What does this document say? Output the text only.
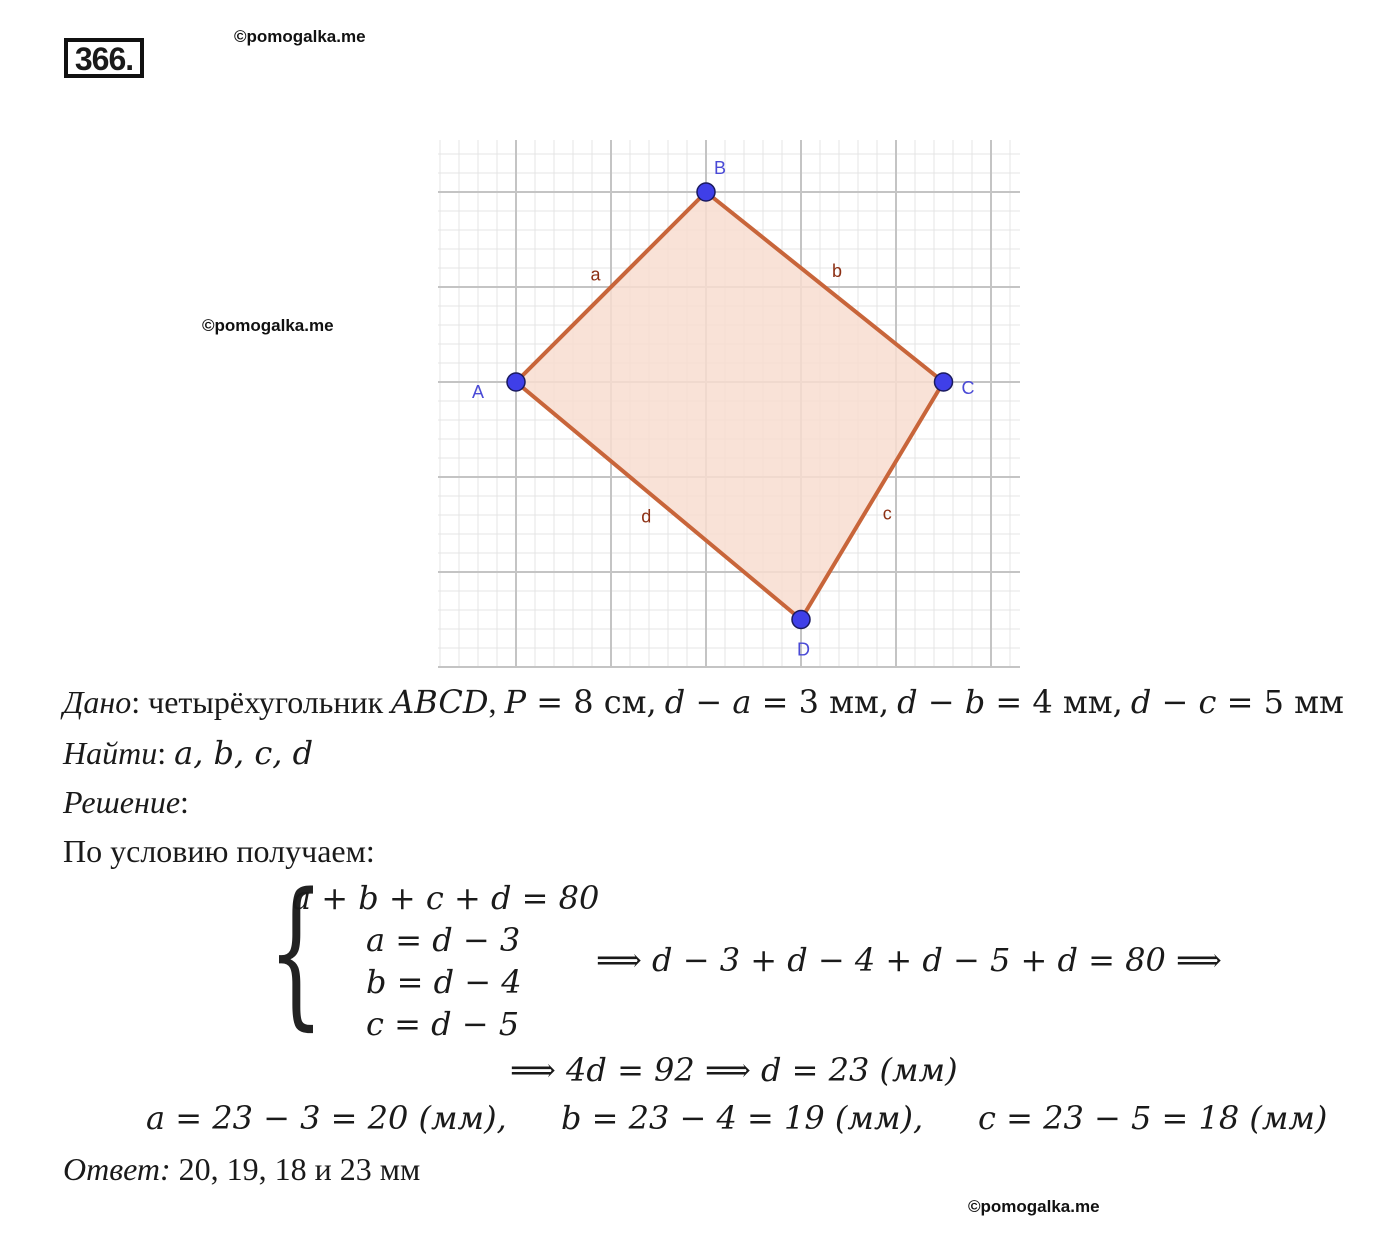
366.
©pomogalka.me
©pomogalka.me
©pomogalka.me
a	b
c
d
A
B
C
D
Дано: четырёхугольник ABCD, P = 8 см, d − a = 3 мм, d − b = 4 мм, d − c = 5 мм
Найти: a, b, c, d
Решение:
По условию получаем:
{
a + b + c + d = 80
a = d − 3
b = d − 4
c = d − 5
⟹ d − 3 + d − 4 + d − 5 + d = 80 ⟹
⟹ 4d = 92 ⟹ d = 23 (мм)
a = 23 − 3 = 20 (мм), b = 23 − 4 = 19 (мм), c = 23 − 5 = 18 (мм)
Ответ: 20, 19, 18 и 23 мм
